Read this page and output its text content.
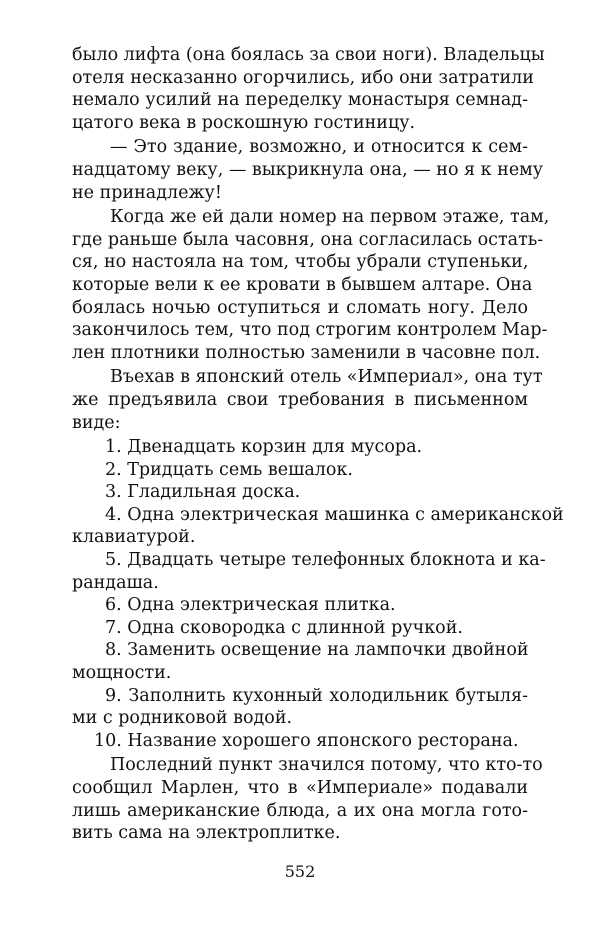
было лифта (она боялась за свои ноги). Владельцы
отеля несказанно огорчились, ибо они затратили
немало усилий на переделку монастыря семнад-
цатого века в роскошную гостиницу.
— Это здание, возможно, и относится к сем-
надцатому веку, — выкрикнула она, — но я к нему
не принадлежу!
Когда же ей дали номер на первом этаже, там,
где раньше была часовня, она согласилась остать-
ся, но настояла на том, чтобы убрали ступеньки,
которые вели к ее кровати в бывшем алтаре. Она
боялась ночью оступиться и сломать ногу. Дело
закончилось тем, что под строгим контролем Мар-
лен плотники полностью заменили в часовне пол.
Въехав в японский отель «Империал», она тут
же предъявила свои требования в письменном
виде:
1. Двенадцать корзин для мусора.
2. Тридцать семь вешалок.
3. Гладильная доска.
4. Одна электрическая машинка с американской
клавиатурой.
5. Двадцать четыре телефонных блокнота и ка-
рандаша.
6. Одна электрическая плитка.
7. Одна сковородка с длинной ручкой.
8. Заменить освещение на лампочки двойной
мощности.
9. Заполнить кухонный холодильник бутыля-
ми с родниковой водой.
10. Название хорошего японского ресторана.
Последний пункт значился потому, что кто-то
сообщил Марлен, что в «Империале» подавали
лишь американские блюда, а их она могла гото-
вить сама на электроплитке.
552
